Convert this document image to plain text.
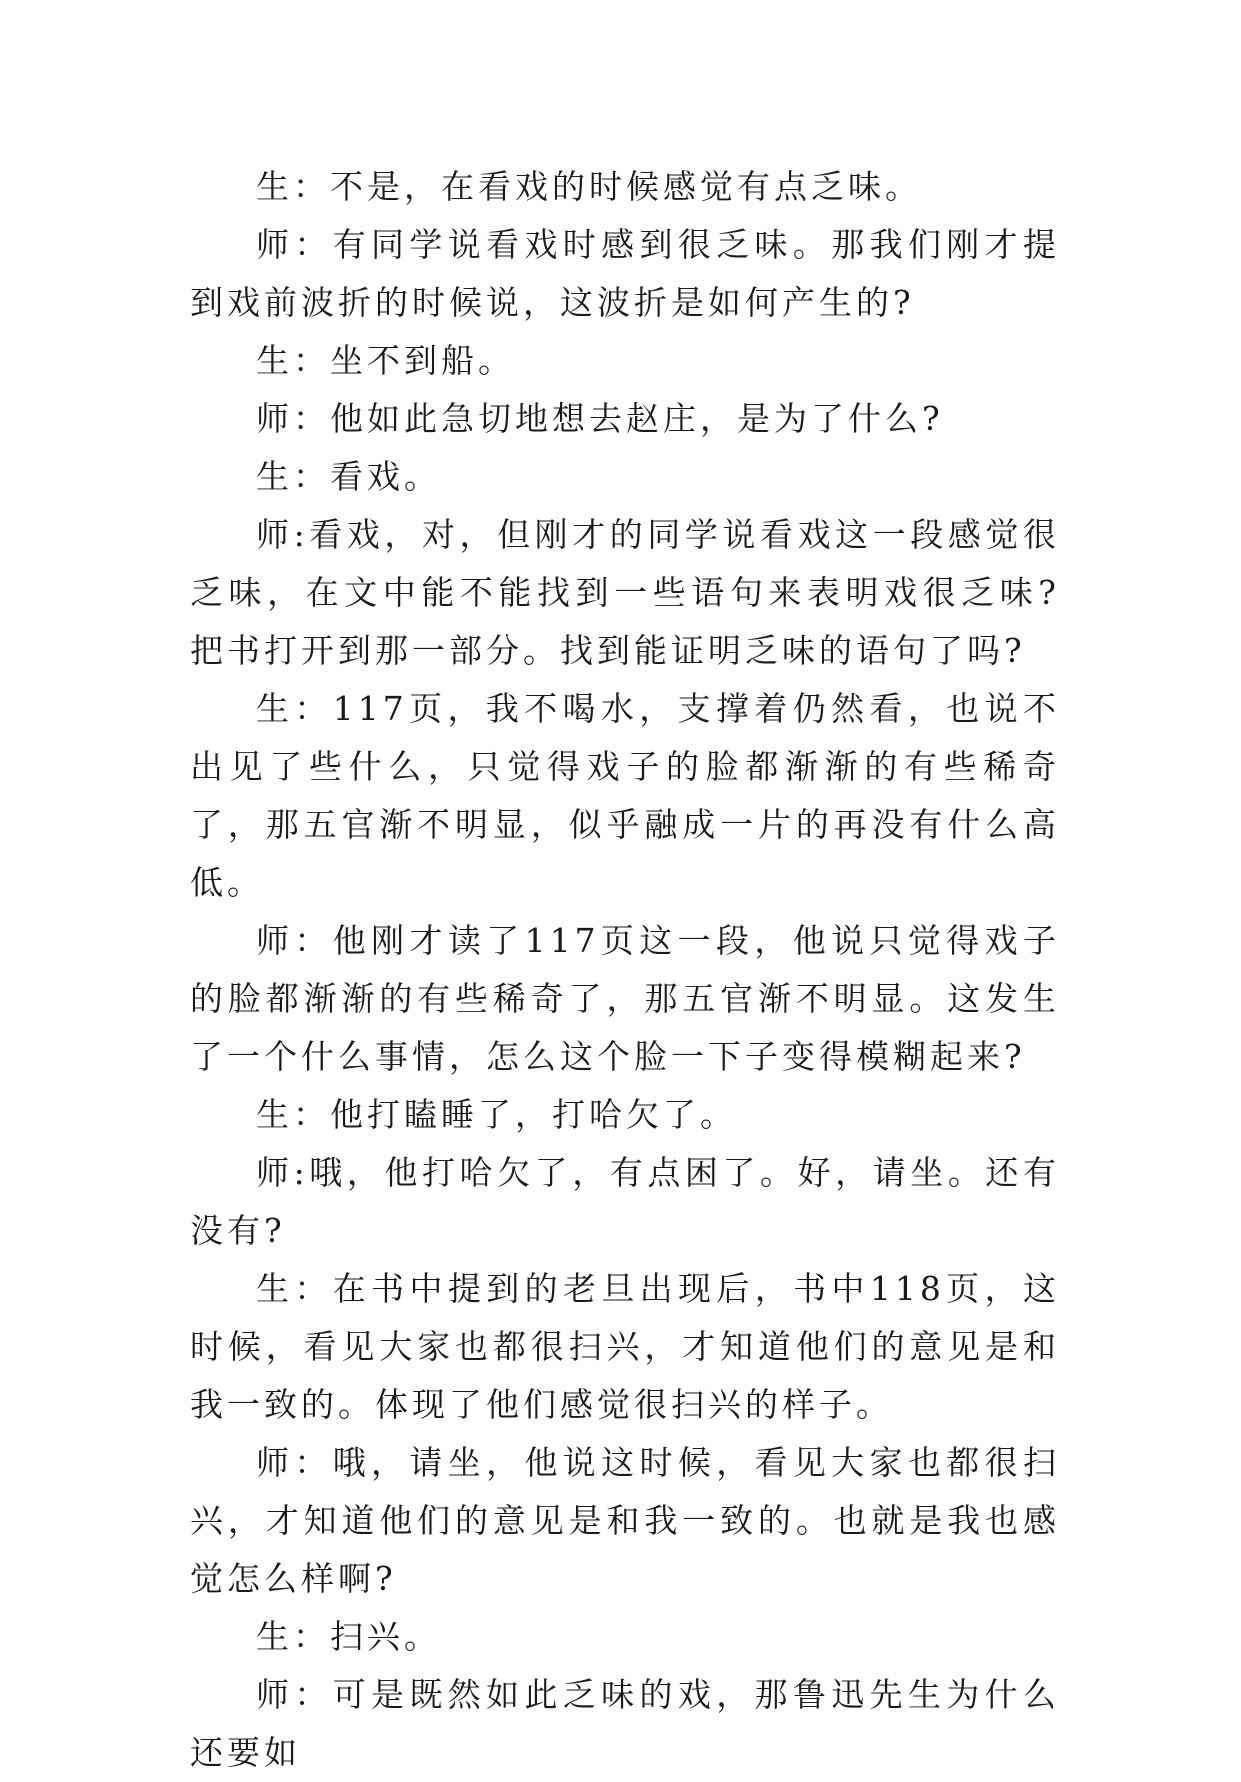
生：不是，在看戏的时候感觉有点乏味。

师：有同学说看戏时感到很乏味。那我们刚才提到戏前波折的时候说，这波折是如何产生的?

生：坐不到船。

师：他如此急切地想去赵庄，是为了什么?

生：看戏。

师:看戏，对，但刚才的同学说看戏这一段感觉很乏味，在文中能不能找到一些语句来表明戏很乏味?把书打开到那一部分。找到能证明乏味的语句了吗?

生：117页，我不喝水，支撑着仍然看，也说不出见了些什么，只觉得戏子的脸都渐渐的有些稀奇了，那五官渐不明显，似乎融成一片的再没有什么高低。

师：他刚才读了117页这一段，他说只觉得戏子的脸都渐渐的有些稀奇了，那五官渐不明显。这发生了一个什么事情，怎么这个脸一下子变得模糊起来?

生：他打瞌睡了，打哈欠了。

师:哦，他打哈欠了，有点困了。好，请坐。还有没有?

生：在书中提到的老旦出现后，书中118页，这时候，看见大家也都很扫兴，才知道他们的意见是和我一致的。体现了他们感觉很扫兴的样子。

师：哦，请坐，他说这时候，看见大家也都很扫兴，才知道他们的意见是和我一致的。也就是我也感觉怎么样啊?

生：扫兴。

师：可是既然如此乏味的戏，那鲁迅先生为什么还要如
